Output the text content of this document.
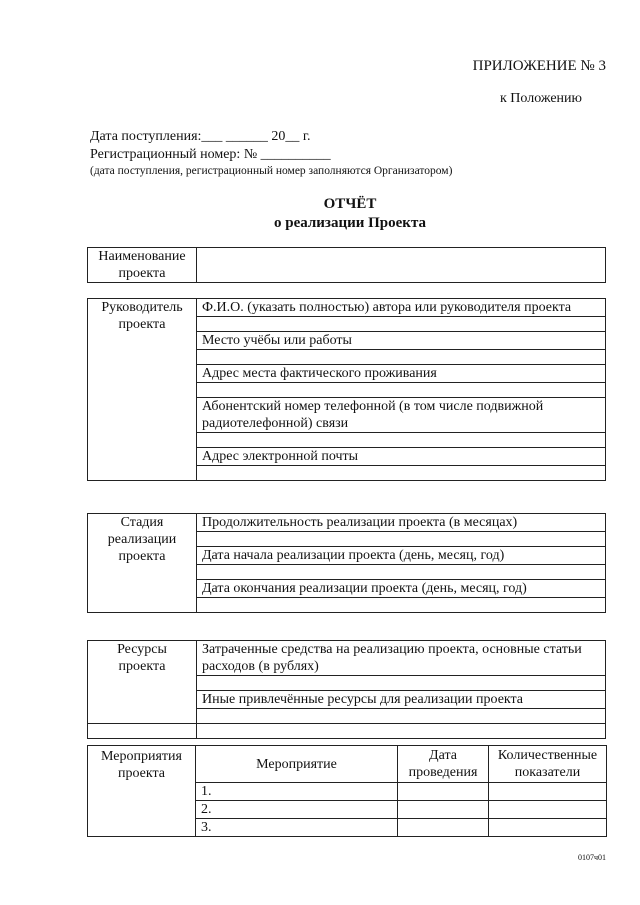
ПРИЛОЖЕНИЕ № 3
к Положению
Дата поступления:___ ______ 20__ г.
Регистрационный номер: № __________
(дата поступления, регистрационный номер заполняются Организатором)
ОТЧЁТ
о реализации Проекта
Наименование проекта	
Руководитель проекта	Ф.И.О. (указать полностью) автора или руководителя проекта

Место учёбы или работы

Адрес места фактического проживания

Абонентский номер телефонной (в том числе подвижной радиотелефонной) связи

Адрес электронной почты

Стадия реализации проекта	Продолжительность реализации проекта (в месяцах)

Дата начала реализации проекта (день, месяц, год)

Дата окончания реализации проекта (день, месяц, год)

Ресурсы проекта	Затраченные средства на реализацию проекта, основные статьи расходов (в рублях)

	Иные привлечённые ресурсы для реализации проекта

Мероприятия проекта	Мероприятие	Дата проведения	Количественные показатели
	1.		
	2.		
	3.		
0107ч01
